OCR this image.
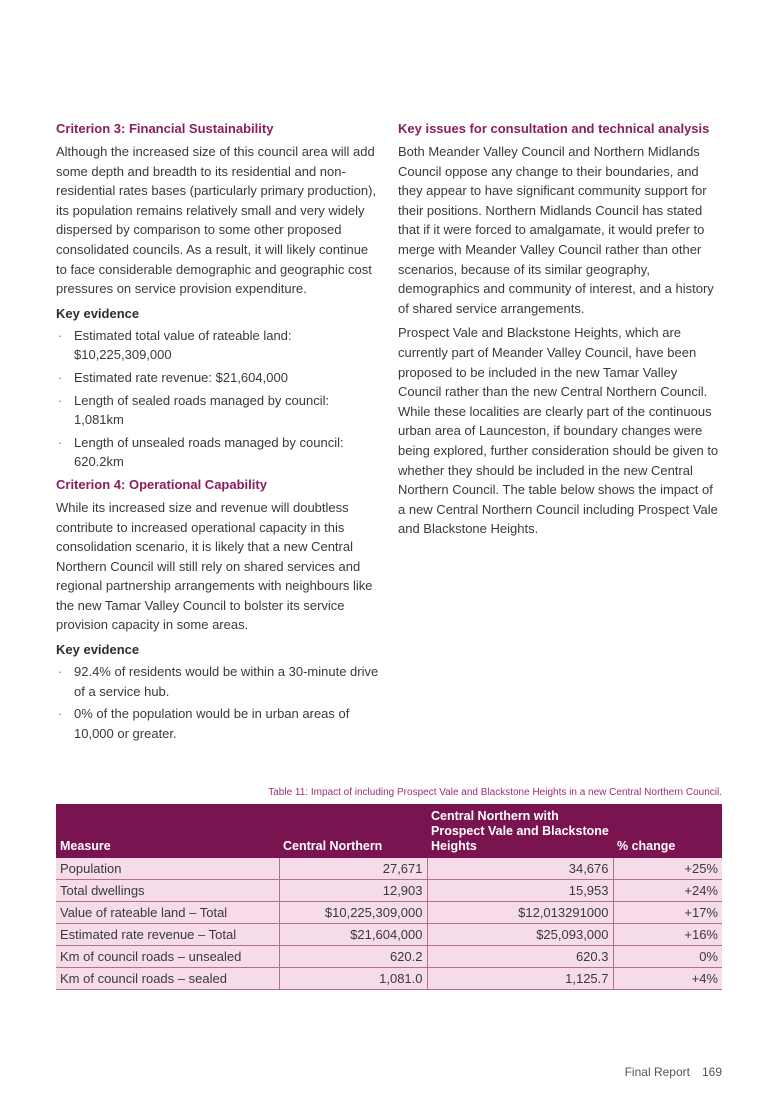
Criterion 3: Financial Sustainability

Although the increased size of this council area will add some depth and breadth to its residential and non-residential rates bases (particularly primary production), its population remains relatively small and very widely dispersed by comparison to some other proposed consolidated councils. As a result, it will likely continue to face considerable demographic and geographic cost pressures on service provision expenditure.

Key evidence
· Estimated total value of rateable land: $10,225,309,000
· Estimated rate revenue: $21,604,000
· Length of sealed roads managed by council: 1,081km
· Length of unsealed roads managed by council: 620.2km
Criterion 4: Operational Capability

While its increased size and revenue will doubtless contribute to increased operational capacity in this consolidation scenario, it is likely that a new Central Northern Council will still rely on shared services and regional partnership arrangements with neighbours like the new Tamar Valley Council to bolster its service provision capacity in some areas.

Key evidence
· 92.4% of residents would be within a 30-minute drive of a service hub.
· 0% of the population would be in urban areas of 10,000 or greater.
Key issues for consultation and technical analysis

Both Meander Valley Council and Northern Midlands Council oppose any change to their boundaries, and they appear to have significant community support for their positions. Northern Midlands Council has stated that if it were forced to amalgamate, it would prefer to merge with Meander Valley Council rather than other scenarios, because of its similar geography, demographics and community of interest, and a history of shared service arrangements.

Prospect Vale and Blackstone Heights, which are currently part of Meander Valley Council, have been proposed to be included in the new Tamar Valley Council rather than the new Central Northern Council. While these localities are clearly part of the continuous urban area of Launceston, if boundary changes were being explored, further consideration should be given to whether they should be included in the new Central Northern Council. The table below shows the impact of a new Central Northern Council including Prospect Vale and Blackstone Heights.

Table 11: Impact of including Prospect Vale and Blackstone Heights in a new Central Northern Council.
Measure	Central Northern	Central Northern with Prospect Vale and Blackstone Heights	% change
Population	27,671	34,676	+25%
Total dwellings	12,903	15,953	+24%
Value of rateable land – Total	$10,225,309,000	$12,013291000	+17%
Estimated rate revenue – Total	$21,604,000	$25,093,000	+16%
Km of council roads – unsealed	620.2	620.3	0%
Km of council roads – sealed	1,081.0	1,125.7	+4%
Final Report 169
